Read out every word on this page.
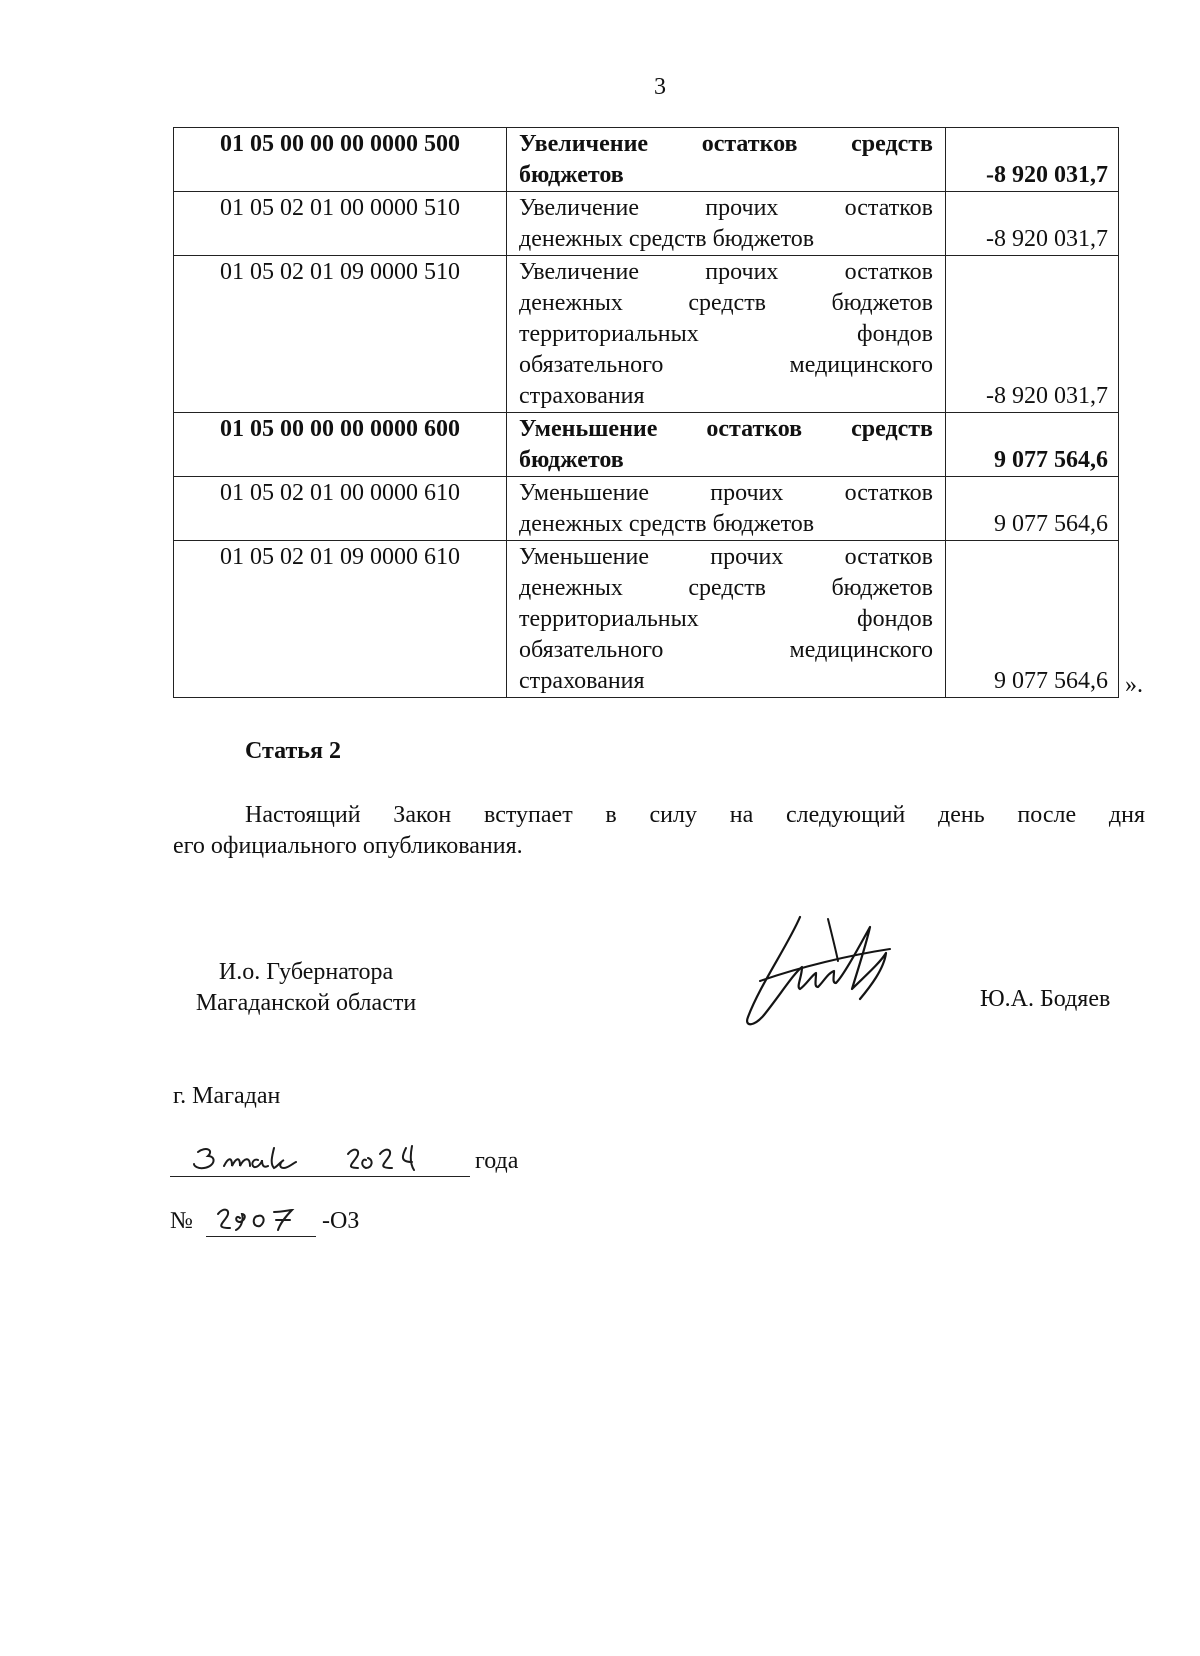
3
01 05 00 00 00 0000 500	Увеличение остатков средств
бюджетов	-8 920 031,7
01 05 02 01 00 0000 510	Увеличение прочих остатков
денежных средств бюджетов	-8 920 031,7
01 05 02 01 09 0000 510	Увеличение прочих остатков
денежных средств бюджетов
территориальных фондов
обязательного медицинского
страхования	-8 920 031,7
01 05 00 00 00 0000 600	Уменьшение остатков средств
бюджетов	9 077 564,6
01 05 02 01 00 0000 610	Уменьшение прочих остатков
денежных средств бюджетов	9 077 564,6
01 05 02 01 09 0000 610	Уменьшение прочих остатков
денежных средств бюджетов
территориальных фондов
обязательного медицинского
страхования	9 077 564,6 ».
Статья 2
Настоящий Закон вступает в силу на следующий день после дня
его официального опубликования.
И.о. Губернатора
Магаданской области	Ю.А. Бодяев
г. Магадан
года
№	-ОЗ
